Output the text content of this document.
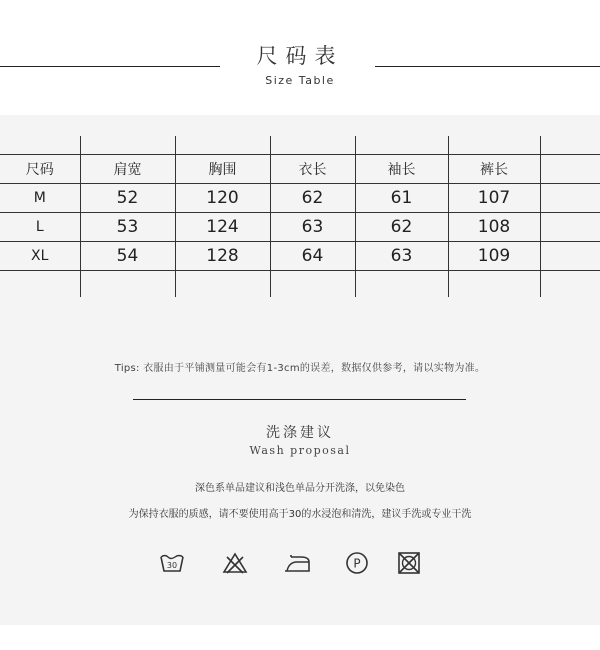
尺码表
Size Table

尺码	肩宽	胸围	衣长	袖长	裤长	
M	52	120	62	61	107	
L	53	124	63	62	108	
XL	54	128	64	63	109	

Tips: 衣服由于平铺测量可能会有1-3cm的误差，数据仅供参考，请以实物为准。
洗涤建议
Wash proposal
深色系单品建议和浅色单品分开洗涤，以免染色
为保持衣服的质感，请不要使用高于30的水浸泡和清洗，建议手洗或专业干洗
30	P
